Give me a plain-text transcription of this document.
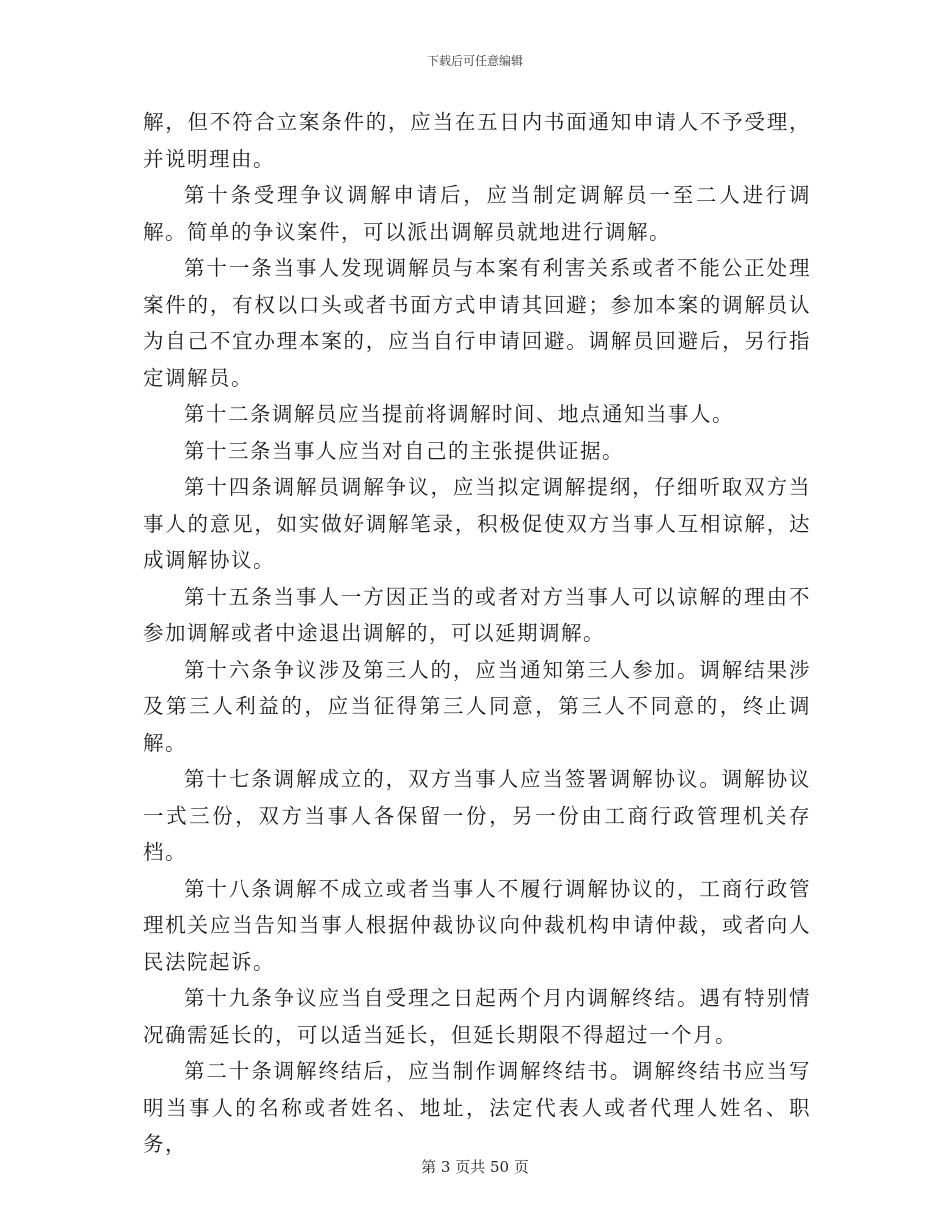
下载后可任意编辑

解，但不符合立案条件的，应当在五日内书面通知申请人不予受理，并说明理由。

第十条受理争议调解申请后，应当制定调解员一至二人进行调解。简单的争议案件，可以派出调解员就地进行调解。

第十一条当事人发现调解员与本案有利害关系或者不能公正处理案件的，有权以口头或者书面方式申请其回避；参加本案的调解员认为自己不宜办理本案的，应当自行申请回避。调解员回避后，另行指定调解员。

第十二条调解员应当提前将调解时间、地点通知当事人。

第十三条当事人应当对自己的主张提供证据。

第十四条调解员调解争议，应当拟定调解提纲，仔细听取双方当事人的意见，如实做好调解笔录，积极促使双方当事人互相谅解，达成调解协议。

第十五条当事人一方因正当的或者对方当事人可以谅解的理由不参加调解或者中途退出调解的，可以延期调解。

第十六条争议涉及第三人的，应当通知第三人参加。调解结果涉及第三人利益的，应当征得第三人同意，第三人不同意的，终止调解。

第十七条调解成立的，双方当事人应当签署调解协议。调解协议一式三份，双方当事人各保留一份，另一份由工商行政管理机关存档。

第十八条调解不成立或者当事人不履行调解协议的，工商行政管理机关应当告知当事人根据仲裁协议向仲裁机构申请仲裁，或者向人民法院起诉。

第十九条争议应当自受理之日起两个月内调解终结。遇有特别情况确需延长的，可以适当延长，但延长期限不得超过一个月。

第二十条调解终结后，应当制作调解终结书。调解终结书应当写明当事人的名称或者姓名、地址，法定代表人或者代理人姓名、职务，

第 3 页共 50 页
